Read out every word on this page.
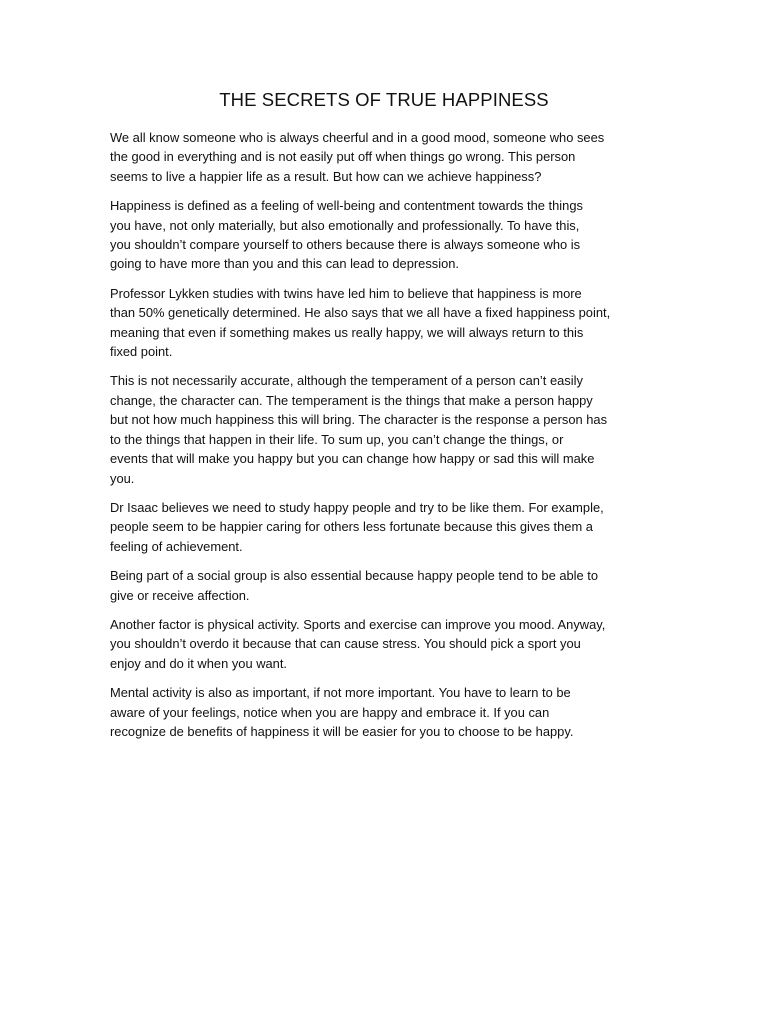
THE SECRETS OF TRUE HAPPINESS

We all know someone who is always cheerful and in a good mood, someone who sees
the good in everything and is not easily put off when things go wrong. This person
seems to live a happier life as a result. But how can we achieve happiness?

Happiness is defined as a feeling of well-being and contentment towards the things
you have, not only materially, but also emotionally and professionally. To have this,
you shouldn’t compare yourself to others because there is always someone who is
going to have more than you and this can lead to depression.

Professor Lykken studies with twins have led him to believe that happiness is more
than 50% genetically determined. He also says that we all have a fixed happiness point,
meaning that even if something makes us really happy, we will always return to this
fixed point.

This is not necessarily accurate, although the temperament of a person can’t easily
change, the character can. The temperament is the things that make a person happy
but not how much happiness this will bring. The character is the response a person has
to the things that happen in their life. To sum up, you can’t change the things, or
events that will make you happy but you can change how happy or sad this will make
you.

Dr Isaac believes we need to study happy people and try to be like them. For example,
people seem to be happier caring for others less fortunate because this gives them a
feeling of achievement.

Being part of a social group is also essential because happy people tend to be able to
give or receive affection.

Another factor is physical activity. Sports and exercise can improve you mood. Anyway,
you shouldn’t overdo it because that can cause stress. You should pick a sport you
enjoy and do it when you want.

Mental activity is also as important, if not more important. You have to learn to be
aware of your feelings, notice when you are happy and embrace it. If you can
recognize de benefits of happiness it will be easier for you to choose to be happy.
